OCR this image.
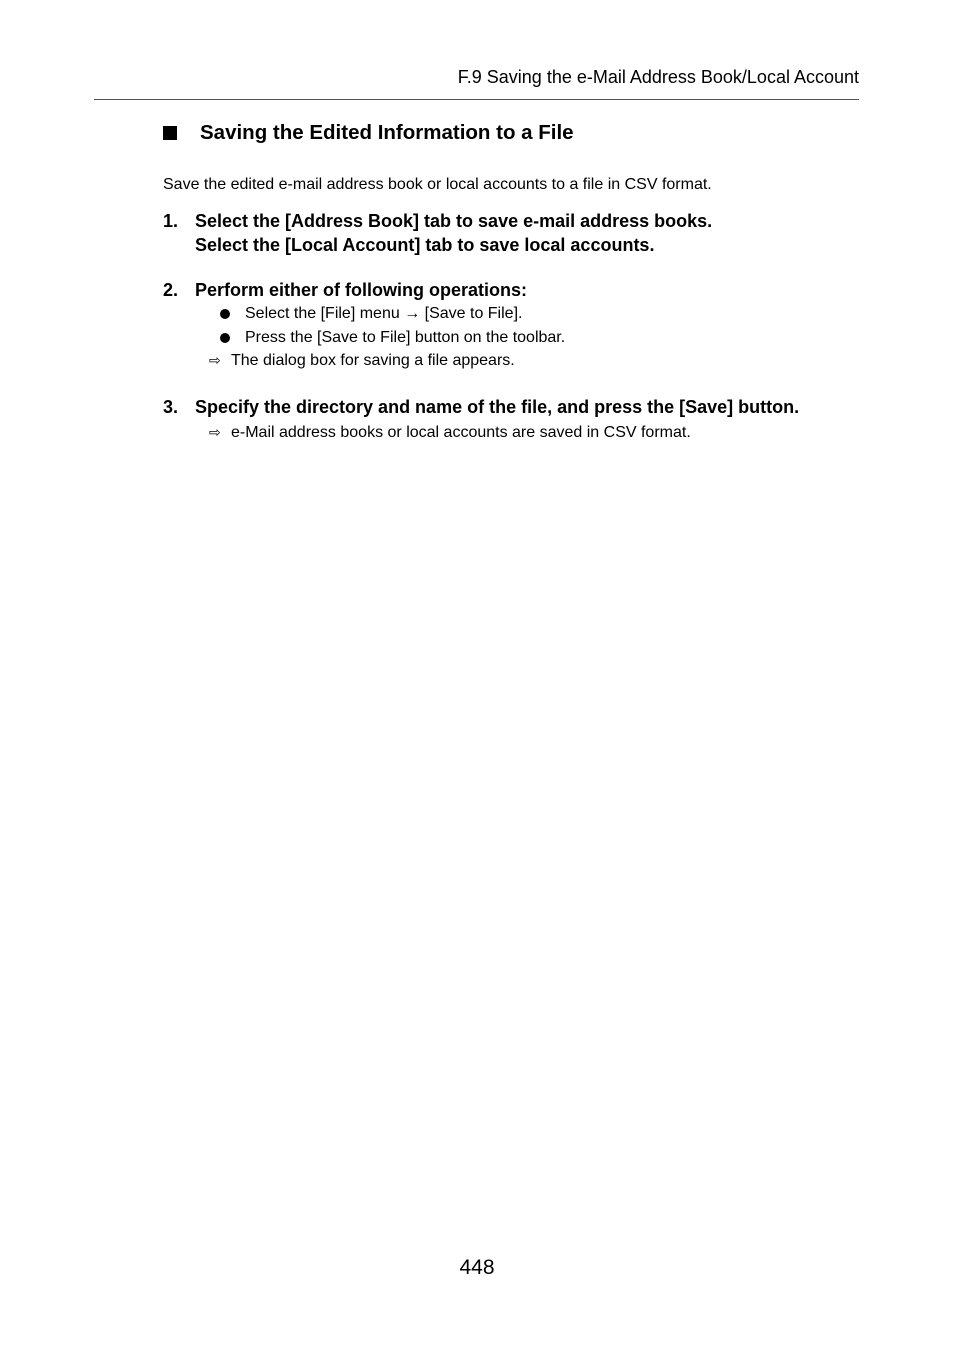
F.9 Saving the e-Mail Address Book/Local Account
Saving the Edited Information to a File
Save the edited e-mail address book or local accounts to a file in CSV format.
1. Select the [Address Book] tab to save e-mail address books.
Select the [Local Account] tab to save local accounts.
2. Perform either of following operations:
Select the [File] menu → [Save to File].
Press the [Save to File] button on the toolbar.
⇨ The dialog box for saving a file appears.
3. Specify the directory and name of the file, and press the [Save] button.
⇨ e-Mail address books or local accounts are saved in CSV format.
448
